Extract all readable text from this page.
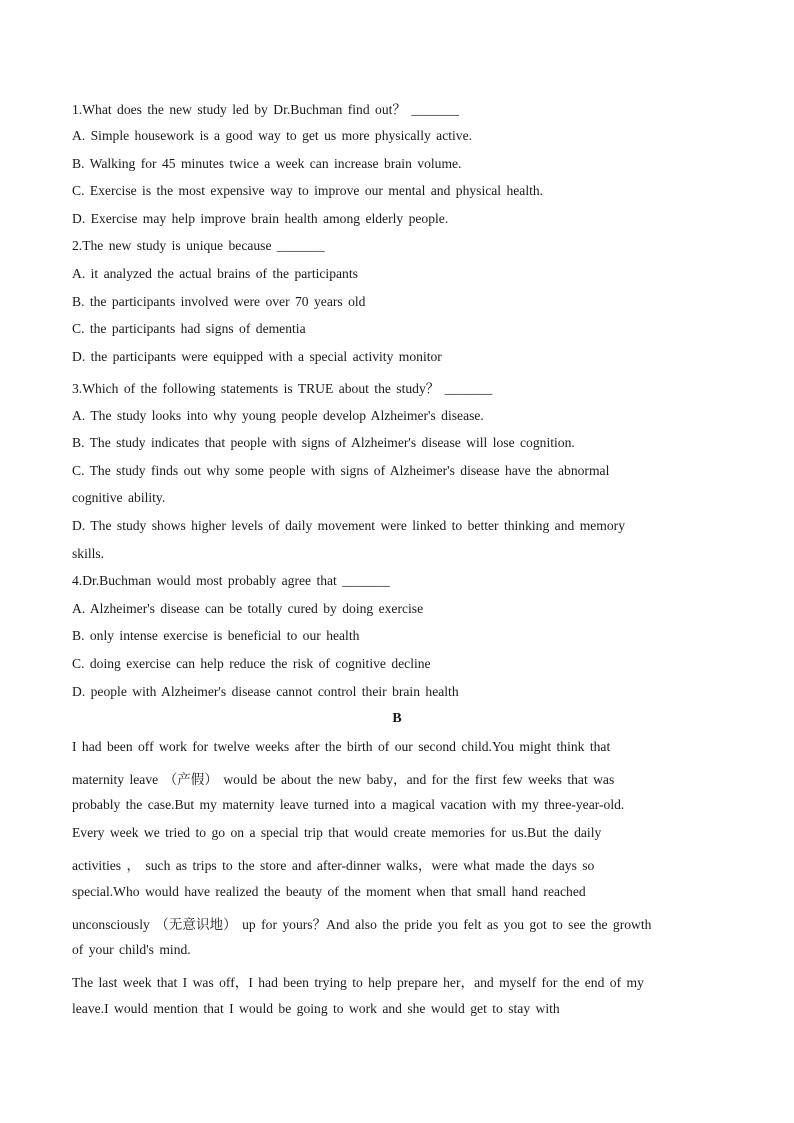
1.What does the new study led by Dr.Buchman find out？ _______
A. Simple housework is a good way to get us more physically active.
B. Walking for 45 minutes twice a week can increase brain volume.
C. Exercise is the most expensive way to improve our mental and physical health.
D. Exercise may help improve brain health among elderly people.
2.The new study is unique because _______
A. it analyzed the actual brains of the participants
B. the participants involved were over 70 years old
C. the participants had signs of dementia
D. the participants were equipped with a special activity monitor
3.Which of the following statements is TRUE about the study？ _______
A. The study looks into why young people develop Alzheimer's disease.
B. The study indicates that people with signs of Alzheimer's disease will lose cognition.
C. The study finds out why some people with signs of Alzheimer's disease have the abnormal
cognitive ability.
D. The study shows higher levels of daily movement were linked to better thinking and memory
skills.
4.Dr.Buchman would most probably agree that _______
A. Alzheimer's disease can be totally cured by doing exercise
B. only intense exercise is beneficial to our health
C. doing exercise can help reduce the risk of cognitive decline
D. people with Alzheimer's disease cannot control their brain health
B
I had been off work for twelve weeks after the birth of our second child.You might think that
maternity leave （产假） would be about the new baby，and for the first few weeks that was
probably the case.But my maternity leave turned into a magical vacation with my three-year-old.
Every week we tried to go on a special trip that would create memories for us.But the daily
activities ， such as trips to the store and after-dinner walks，were what made the days so
special.Who would have realized the beauty of the moment when that small hand reached
unconsciously （无意识地） up for yours？And also the pride you felt as you got to see the growth
of your child's mind.
The last week that I was off，I had been trying to help prepare her，and myself for the end of my
leave.I would mention that I would be going to work and she would get to stay with
